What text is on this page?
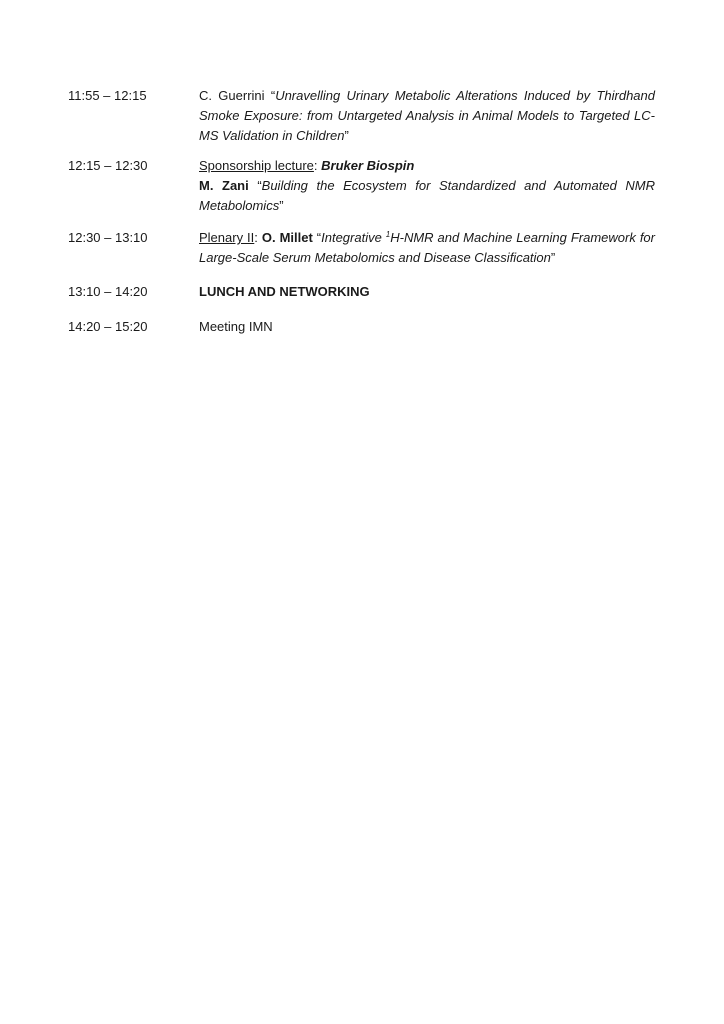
11:55 – 12:15	C. Guerrini “Unravelling Urinary Metabolic Alterations Induced by Thirdhand Smoke Exposure: from Untargeted Analysis in Animal Models to Targeted LC-MS Validation in Children”

12:15 – 12:30	Sponsorship lecture: Bruker Biospin

M. Zani “Building the Ecosystem for Standardized and Automated NMR Metabolomics”

12:30 – 13:10	Plenary II: O. Millet “Integrative $^1$H-NMR and Machine Learning Framework for Large-Scale Serum Metabolomics and Disease Classification”

13:10 – 14:20	LUNCH AND NETWORKING

14:20 – 15:20	Meeting IMN
